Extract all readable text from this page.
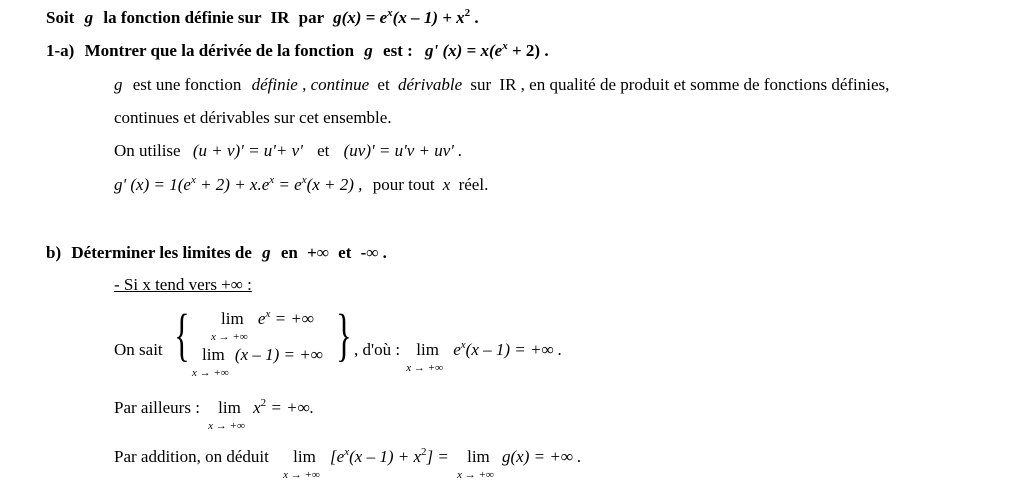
Soit g la fonction définie sur IR par $g(x) = e^x(x - 1) + x^2$ .
1-a) Montrer que la dérivée de la fonction g est : g' $(x) = x(e^x + 2)$ .
g est une fonction définie , continue et dérivable sur IR , en qualité de produit et somme de fonctions définies,
continues et dérivables sur cet ensemble.
On utilise (u + v)' = u'+ v' et (uv)' = u'v + uv' .
g' $(x) = 1(e^x + 2) + x.e^x = e^x(x + 2)$ , pour tout x réel.
b) Déterminer les limites de g en +∞ et -∞ .
- Si x tend vers +∞ :
On sait { lim
x → +∞
$e^x$ = +∞
lim
x → +∞
(x – 1) = +∞ } , d'où : lim
x → +∞
$e^x(x - 1)$ = +∞ .
Par ailleurs : lim
x → +∞
$x^2$ = +∞.
Par addition, on déduit lim
x → +∞
$[e^x(x - 1) + x^2] = \lim$
x → +∞
g(x) = +∞ .
